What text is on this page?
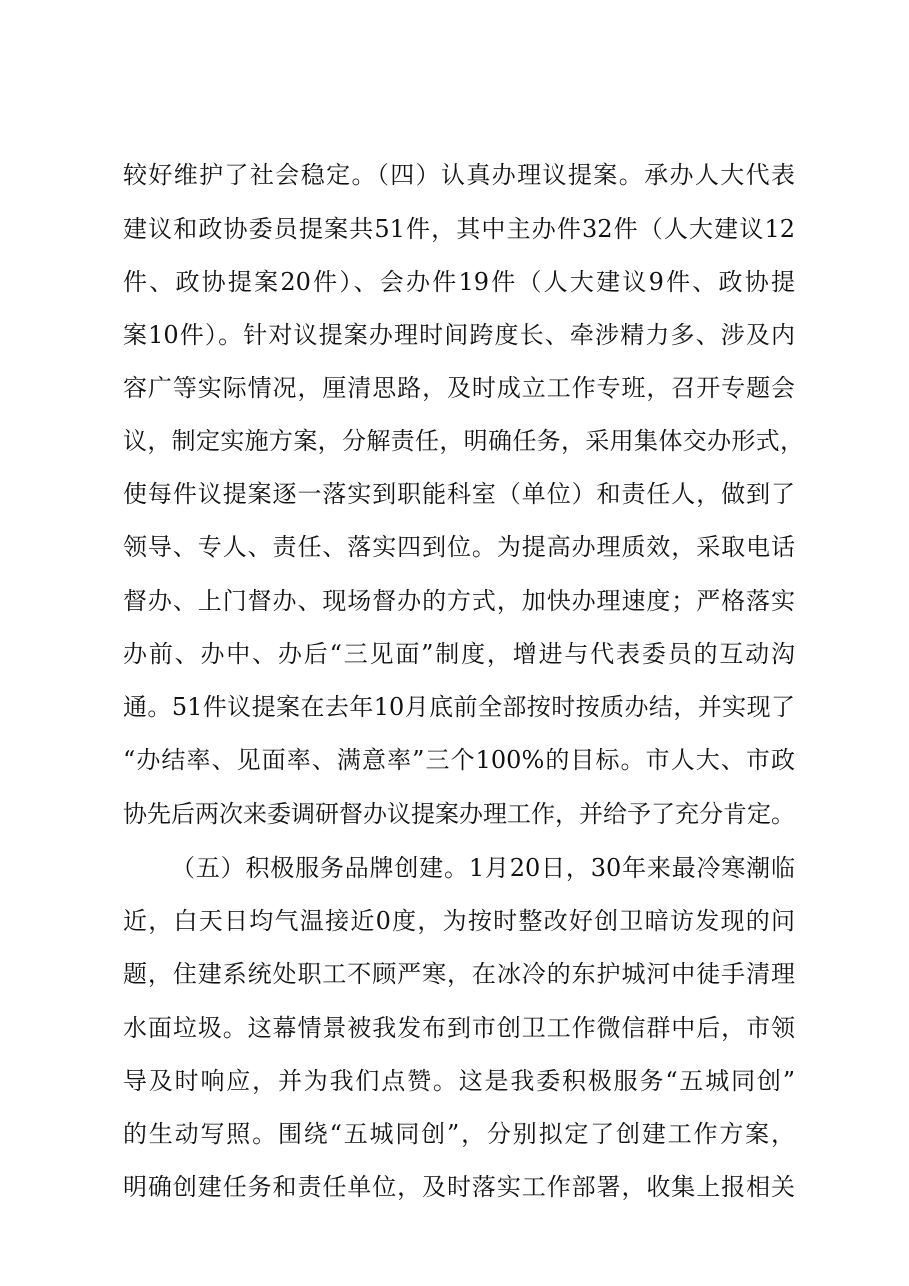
较好维护了社会稳定。（四）认真办理议提案。承办人大代表
建议和政协委员提案共51件，其中主办件32件（人大建议12
件、政协提案20件）、会办件19件（人大建议9件、政协提
案10件）。针对议提案办理时间跨度长、牵涉精力多、涉及内
容广等实际情况，厘清思路，及时成立工作专班，召开专题会
议，制定实施方案，分解责任，明确任务，采用集体交办形式，
使每件议提案逐一落实到职能科室（单位）和责任人，做到了
领导、专人、责任、落实四到位。为提高办理质效，采取电话
督办、上门督办、现场督办的方式，加快办理速度；严格落实
办前、办中、办后“三见面”制度，增进与代表委员的互动沟
通。51件议提案在去年10月底前全部按时按质办结，并实现了
“办结率、见面率、满意率”三个100%的目标。市人大、市政
协先后两次来委调研督办议提案办理工作，并给予了充分肯定。
（五）积极服务品牌创建。1月20日，30年来最冷寒潮临
近，白天日均气温接近0度，为按时整改好创卫暗访发现的问
题，住建系统处职工不顾严寒，在冰冷的东护城河中徒手清理
水面垃圾。这幕情景被我发布到市创卫工作微信群中后，市领
导及时响应，并为我们点赞。这是我委积极服务“五城同创”
的生动写照。围绕“五城同创”，分别拟定了创建工作方案，
明确创建任务和责任单位，及时落实工作部署，收集上报相关
